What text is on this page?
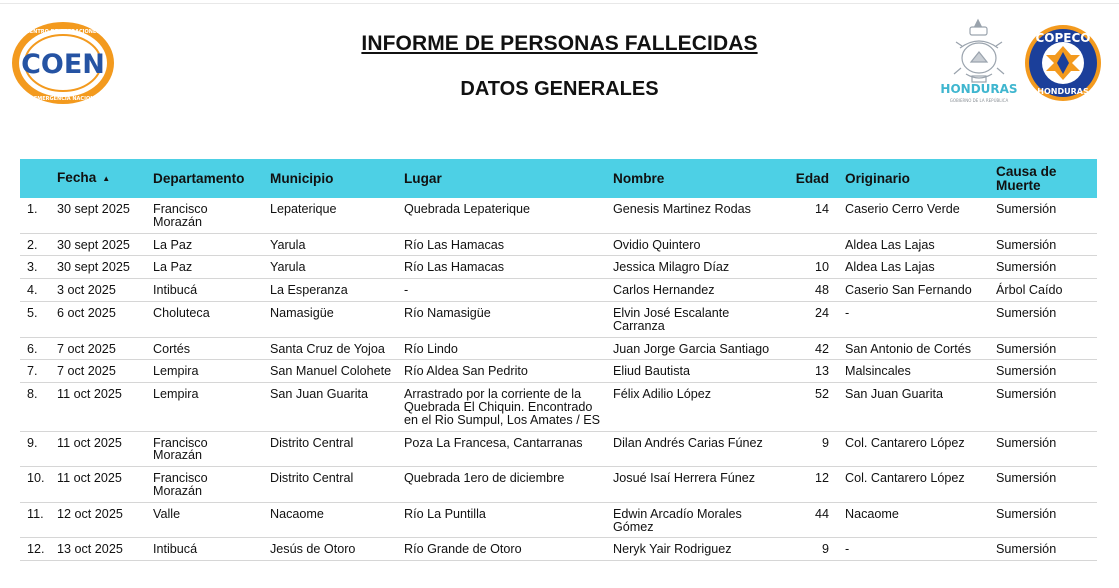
COEN
CENTRO DE OPERACIONES
DE EMERGENCIA NACIONAL
INFORME DE PERSONAS FALLECIDAS
DATOS GENERALES	HONDURAS
GOBIERNO DE LA REPÚBLICA
COPECO
HONDURAS
	Fecha ▲	Departamento	Municipio	Lugar	Nombre	Edad	Originario	Causa de Muerte
1.	30 sept 2025	Francisco Morazán	Lepaterique	Quebrada Lepaterique	Genesis Martinez Rodas	14	Caserio Cerro Verde	Sumersión
2.	30 sept 2025	La Paz	Yarula	Río Las Hamacas	Ovidio Quintero		Aldea Las Lajas	Sumersión
3.	30 sept 2025	La Paz	Yarula	Río Las Hamacas	Jessica Milagro Díaz	10	Aldea Las Lajas	Sumersión
4.	3 oct 2025	Intibucá	La Esperanza	-	Carlos Hernandez	48	Caserio San Fernando	Árbol Caído
5.	6 oct 2025	Choluteca	Namasigüe	Río Namasigüe	Elvin José Escalante Carranza	24	-	Sumersión
6.	7 oct 2025	Cortés	Santa Cruz de Yojoa	Río Lindo	Juan Jorge Garcia Santiago	42	San Antonio de Cortés	Sumersión
7.	7 oct 2025	Lempira	San Manuel Colohete	Río Aldea San Pedrito	Eliud Bautista	13	Malsincales	Sumersión
8.	11 oct 2025	Lempira	San Juan Guarita	Arrastrado por la corriente de la Quebrada El Chiquin. Encontrado en el Rio Sumpul, Los Amates / ES	Félix Adilio López	52	San Juan Guarita	Sumersión
9.	11 oct 2025	Francisco Morazán	Distrito Central	Poza La Francesa, Cantarranas	Dilan Andrés Carias Fúnez	9	Col. Cantarero López	Sumersión
10.	11 oct 2025	Francisco Morazán	Distrito Central	Quebrada 1ero de diciembre	Josué Isaí Herrera Fúnez	12	Col. Cantarero López	Sumersión
11.	12 oct 2025	Valle	Nacaome	Río La Puntilla	Edwin Arcadío Morales Gómez	44	Nacaome	Sumersión
12.	13 oct 2025	Intibucá	Jesús de Otoro	Río Grande de Otoro	Neryk Yair Rodriguez	9	-	Sumersión
